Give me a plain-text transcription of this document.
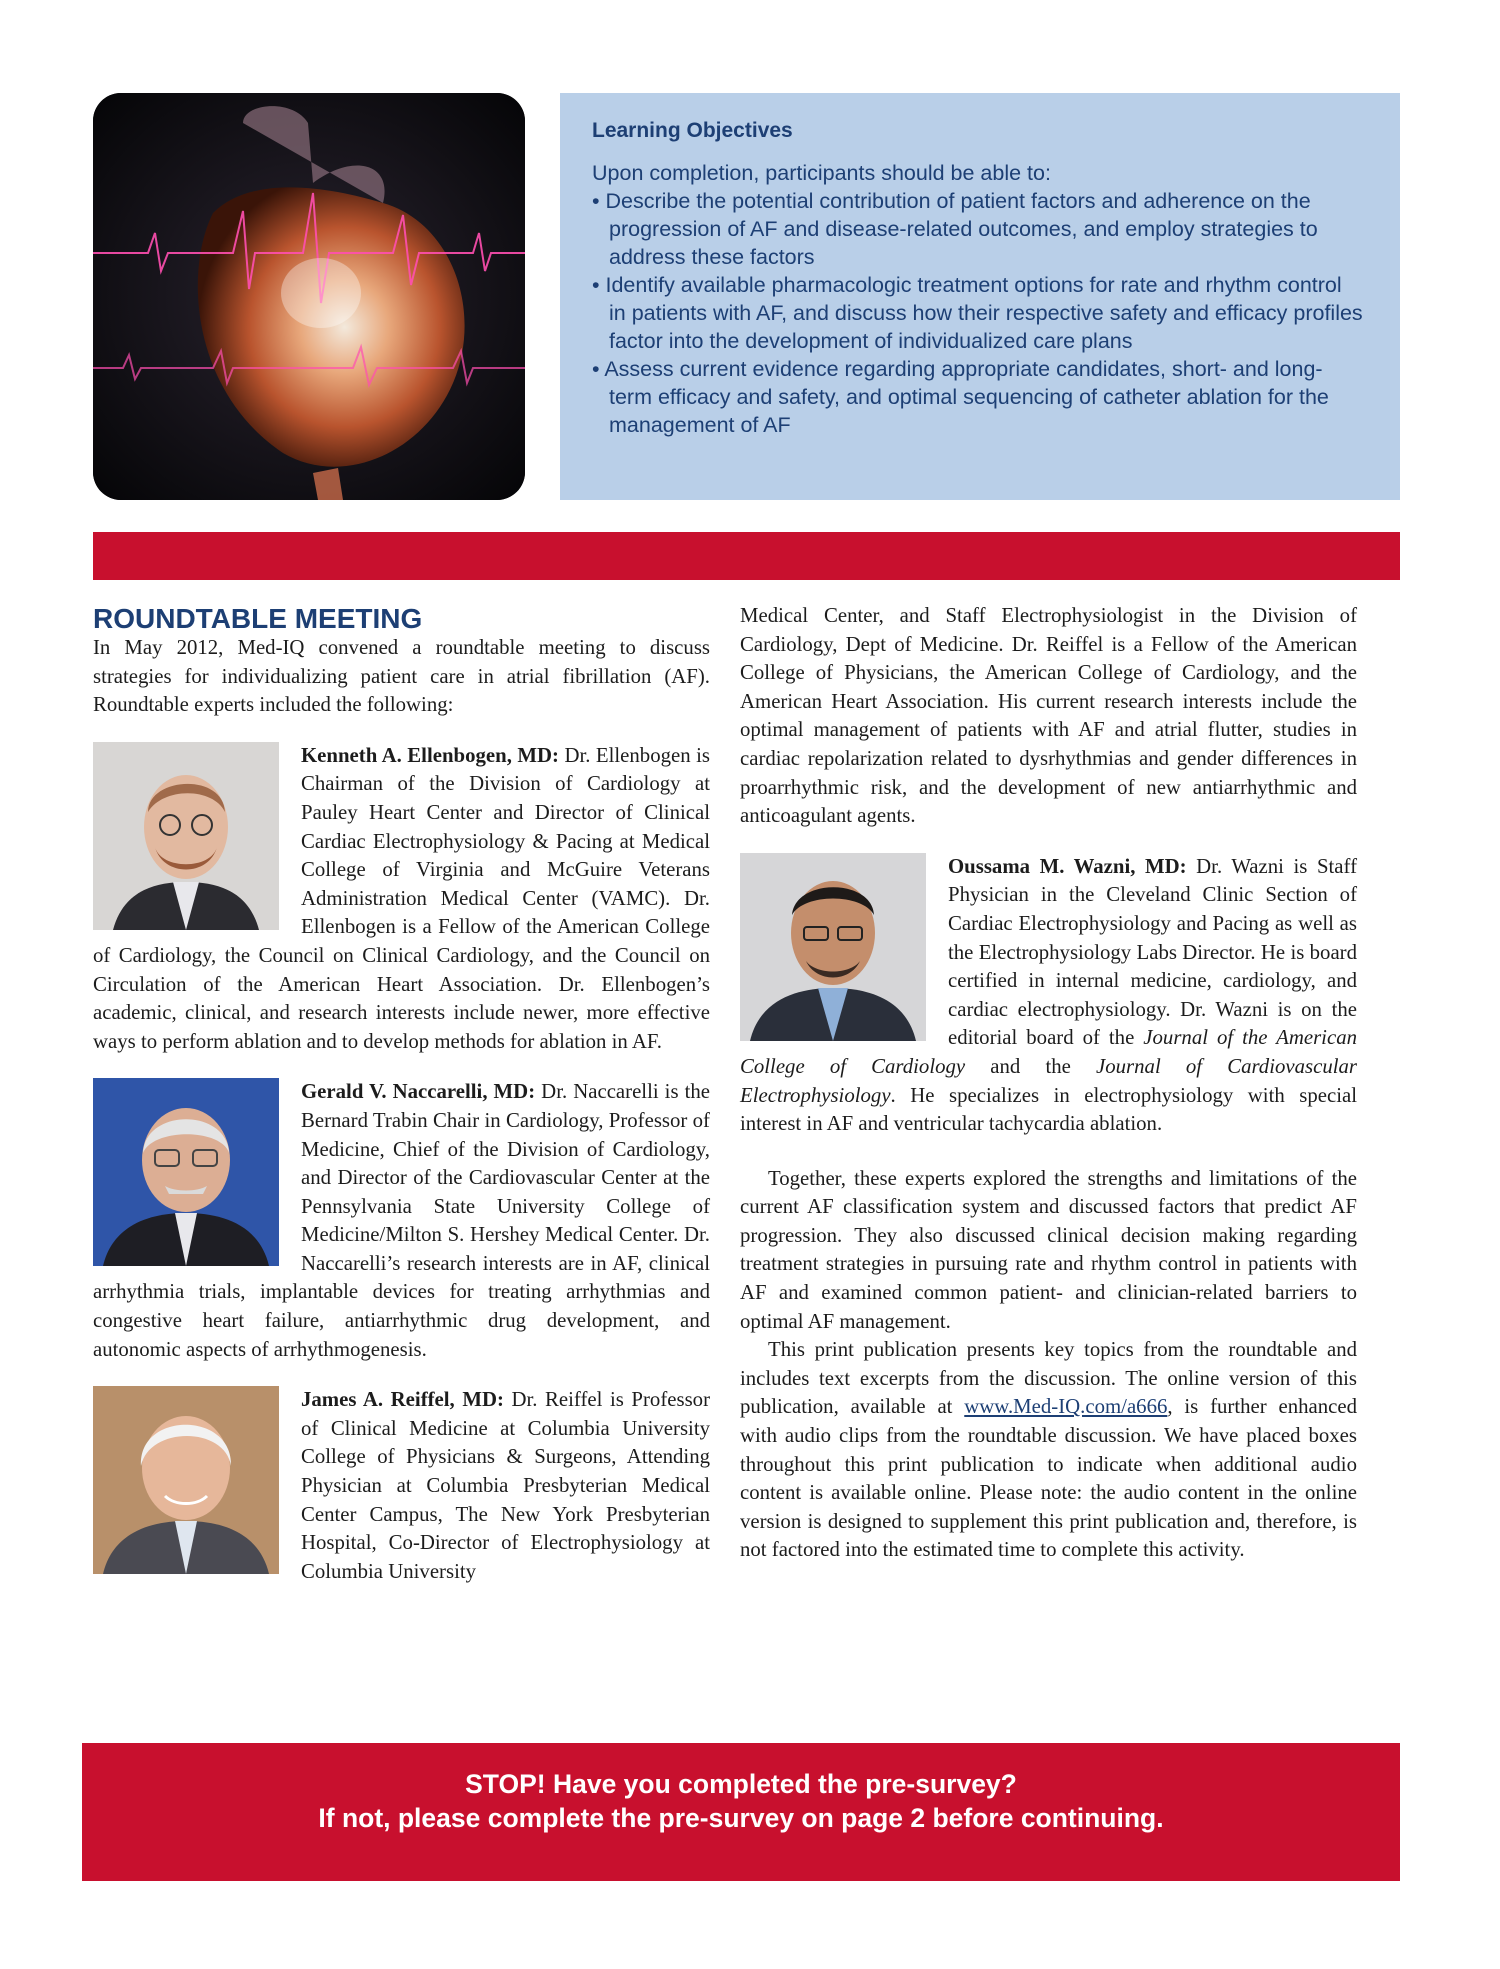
Learning Objectives
Upon completion, participants should be able to:
• Describe the potential contribution of patient factors and adherence on the progression of AF and disease-related outcomes, and employ strategies to address these factors
• Identify available pharmacologic treatment options for rate and rhythm control in patients with AF, and discuss how their respective safety and efficacy profiles factor into the development of individualized care plans
• Assess current evidence regarding appropriate candidates, short- and long-term efficacy and safety, and optimal sequencing of catheter ablation for the management of AF
ROUNDTABLE MEETING

In May 2012, Med-IQ convened a roundtable meeting to discuss strategies for individualizing patient care in atrial fibrillation (AF). Roundtable experts included the following:

Kenneth A. Ellenbogen, MD: Dr. Ellenbogen is Chairman of the Division of Cardiology at Pauley Heart Center and Director of Clinical Cardiac Electrophysiology & Pacing at Medical College of Virginia and McGuire Veterans Administration Medical Center (VAMC). Dr. Ellenbogen is a Fellow of the American College of Cardiology, the Council on Clinical Cardiology, and the Council on Circulation of the American Heart Association. Dr. Ellenbogen’s academic, clinical, and research interests include newer, more effective ways to perform ablation and to develop methods for ablation in AF.

Gerald V. Naccarelli, MD: Dr. Naccarelli is the Bernard Trabin Chair in Cardiology, Professor of Medicine, Chief of the Division of Cardiology, and Director of the Cardiovascular Center at the Pennsylvania State University College of Medicine/Milton S. Hershey Medical Center. Dr. Naccarelli’s research interests are in AF, clinical arrhythmia trials, implantable devices for treating arrhythmias and congestive heart failure, antiarrhythmic drug development, and autonomic aspects of arrhythmogenesis.

James A. Reiffel, MD: Dr. Reiffel is Professor of Clinical Medicine at Columbia University College of Physicians & Surgeons, Attending Physician at Columbia Presbyterian Medical Center Campus, The New York Presbyterian Hospital, Co-Director of Electrophysiology at Columbia University

Medical Center, and Staff Electrophysiologist in the Division of Cardiology, Dept of Medicine. Dr. Reiffel is a Fellow of the American College of Physicians, the American College of Cardiology, and the American Heart Association. His current research interests include the optimal management of patients with AF and atrial flutter, studies in cardiac repolarization related to dysrhythmias and gender differences in proarrhythmic risk, and the development of new antiarrhythmic and anticoagulant agents.

Oussama M. Wazni, MD: Dr. Wazni is Staff Physician in the Cleveland Clinic Section of Cardiac Electrophysiology and Pacing as well as the Electrophysiology Labs Director. He is board certified in internal medicine, cardiology, and cardiac electrophysiology. Dr. Wazni is on the editorial board of the Journal of the American College of Cardiology and the Journal of Cardiovascular Electrophysiology. He specializes in electrophysiology with special interest in AF and ventricular tachycardia ablation.

Together, these experts explored the strengths and limitations of the current AF classification system and discussed factors that predict AF progression. They also discussed clinical decision making regarding treatment strategies in pursuing rate and rhythm control in patients with AF and examined common patient- and clinician-related barriers to optimal AF management.

This print publication presents key topics from the roundtable and includes text excerpts from the discussion. The online version of this publication, available at www.Med-IQ.com/a666, is further enhanced with audio clips from the roundtable discussion. We have placed boxes throughout this print publication to indicate when additional audio content is available online. Please note: the audio content in the online version is designed to supplement this print publication and, therefore, is not factored into the estimated time to complete this activity.

STOP! Have you completed the pre-survey?
If not, please complete the pre-survey on page 2 before continuing.
